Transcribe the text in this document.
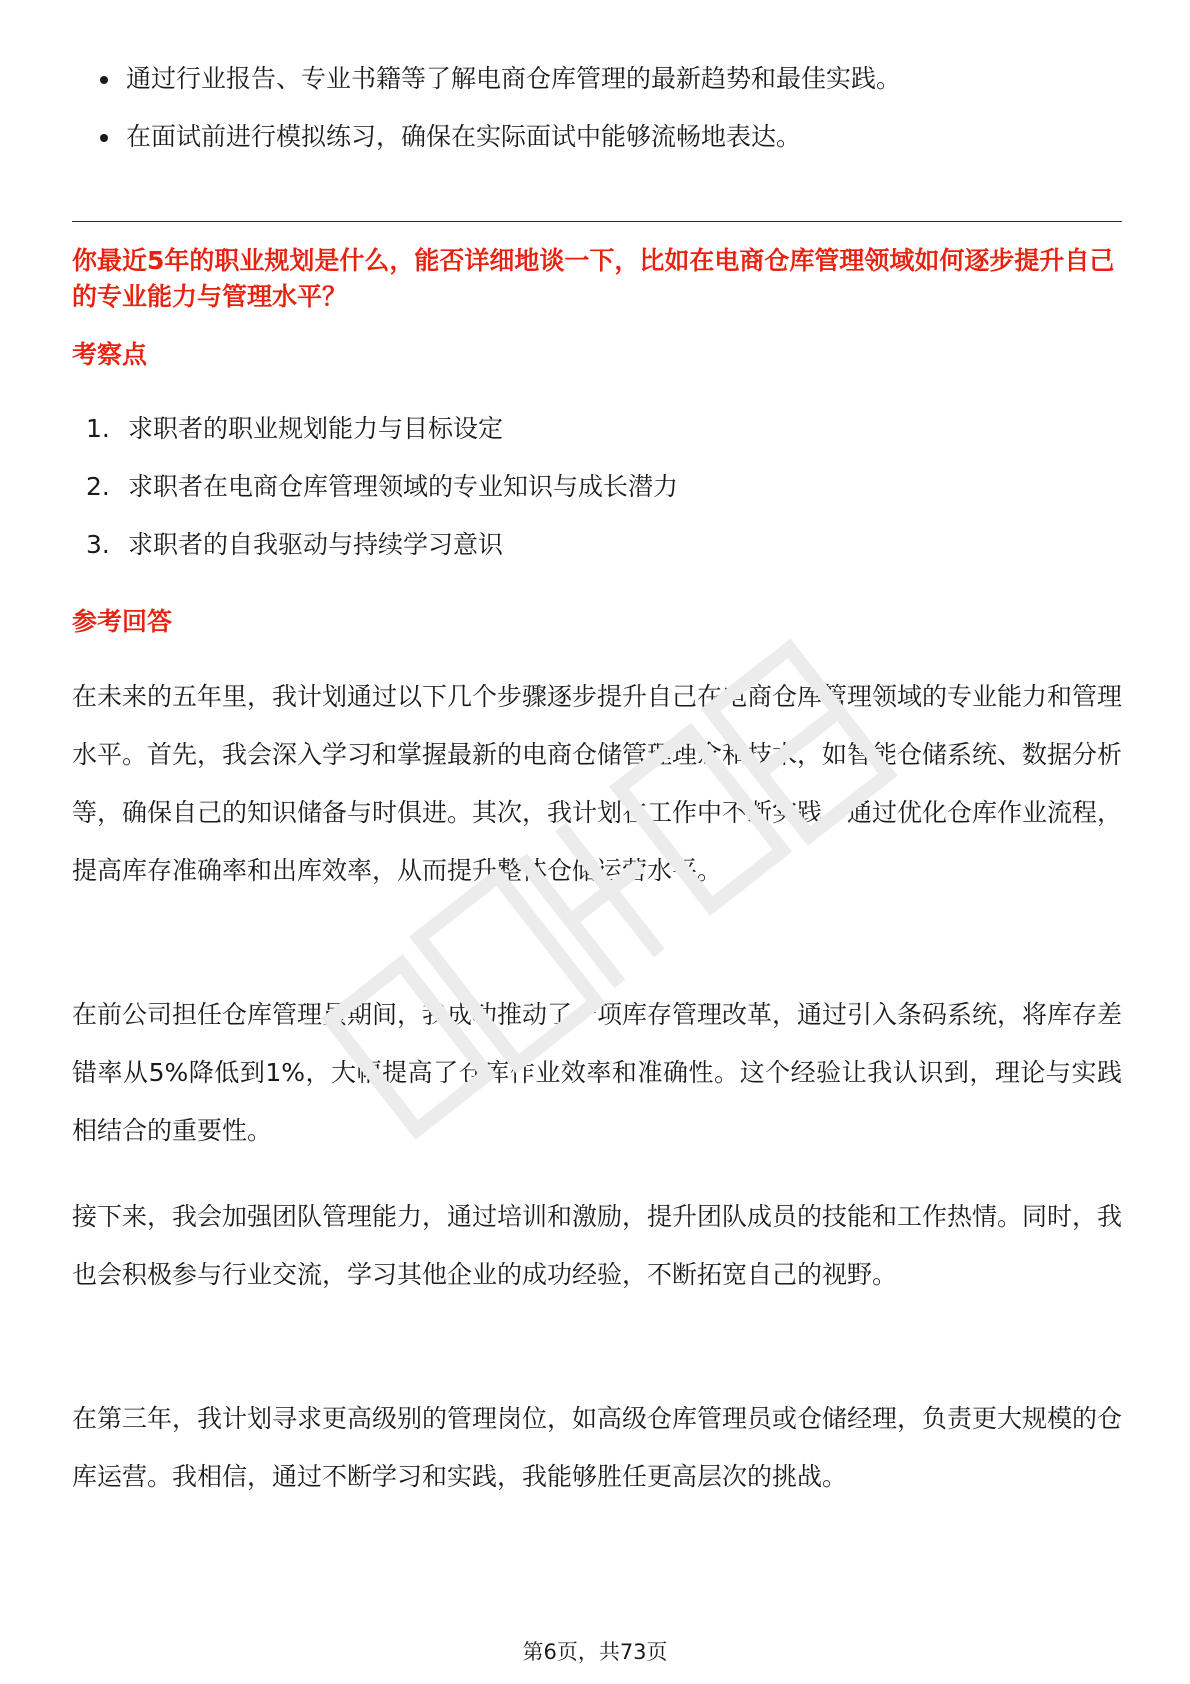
通过行业报告、专业书籍等了解电商仓库管理的最新趋势和最佳实践。
在面试前进行模拟练习，确保在实际面试中能够流畅地表达。
你最近5年的职业规划是什么，能否详细地谈一下，比如在电商仓库管理领域如何逐步提升自己的专业能力与管理水平？
考察点
1. 求职者的职业规划能力与目标设定
2. 求职者在电商仓库管理领域的专业知识与成长潜力
3. 求职者的自我驱动与持续学习意识
参考回答

在未来的五年里，我计划通过以下几个步骤逐步提升自己在电商仓库管理领域的专业能力和管理水平。首先，我会深入学习和掌握最新的电商仓储管理理念和技术，如智能仓储系统、数据分析等，确保自己的知识储备与时俱进。其次，我计划在工作中不断实践，通过优化仓库作业流程，提高库存准确率和出库效率，从而提升整体仓储运营水平。

在前公司担任仓库管理员期间，我成功推动了一项库存管理改革，通过引入条码系统，将库存差错率从5%降低到1%，大幅提高了仓库作业效率和准确性。这个经验让我认识到，理论与实践相结合的重要性。

接下来，我会加强团队管理能力，通过培训和激励，提升团队成员的技能和工作热情。同时，我也会积极参与行业交流，学习其他企业的成功经验，不断拓宽自己的视野。

在第三年，我计划寻求更高级别的管理岗位，如高级仓库管理员或仓储经理，负责更大规模的仓库运营。我相信，通过不断学习和实践，我能够胜任更高层次的挑战。

第6页，共73页
